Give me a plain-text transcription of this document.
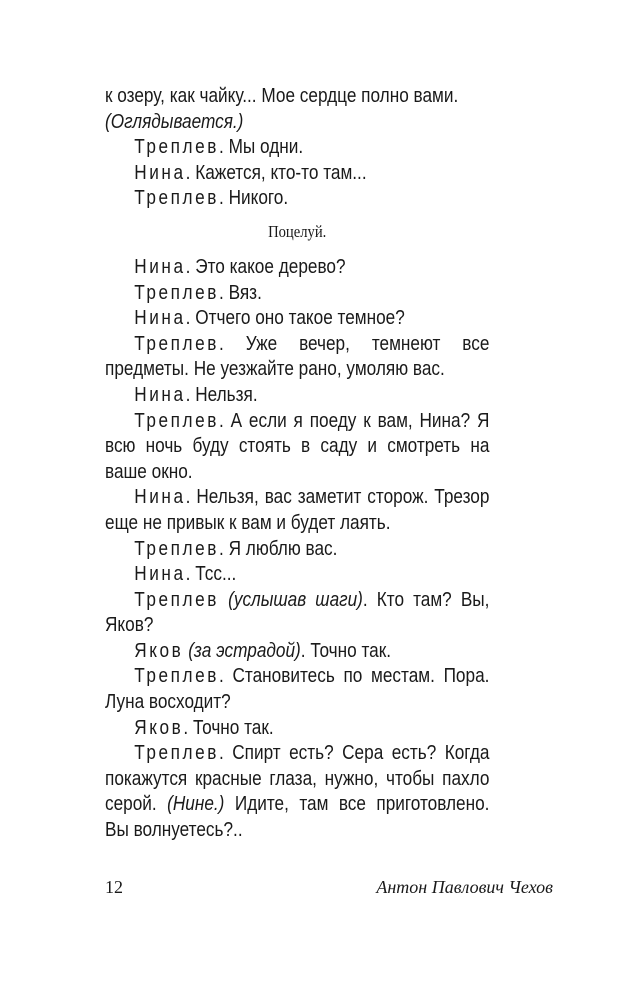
к озеру, как чайку... Мое сердце полно вами.
(Оглядывается.)

Треплев. Мы одни.

Нина. Кажется, кто-то там...

Треплев. Никого.

Поцелуй.

Нина. Это какое дерево?

Треплев. Вяз.

Нина. Отчего оно такое темное?

Треплев. Уже вечер, темнеют все предметы. Не уезжайте рано, умоляю вас.

Нина. Нельзя.

Треплев. А если я поеду к вам, Нина? Я всю ночь буду стоять в саду и смотреть на ваше окно.

Нина. Нельзя, вас заметит сторож. Трезор еще не привык к вам и будет лаять.

Треплев. Я люблю вас.

Нина. Тсс...

Треплев (услышав шаги). Кто там? Вы, Яков?

Яков (за эстрадой). Точно так.

Треплев. Становитесь по местам. Пора. Луна восходит?

Яков. Точно так.

Треплев. Спирт есть? Сера есть? Когда покажутся красные глаза, нужно, чтобы пахло серой. (Нине.) Идите, там все приготовлено. Вы волнуетесь?..

12	Антон Павлович Чехов
